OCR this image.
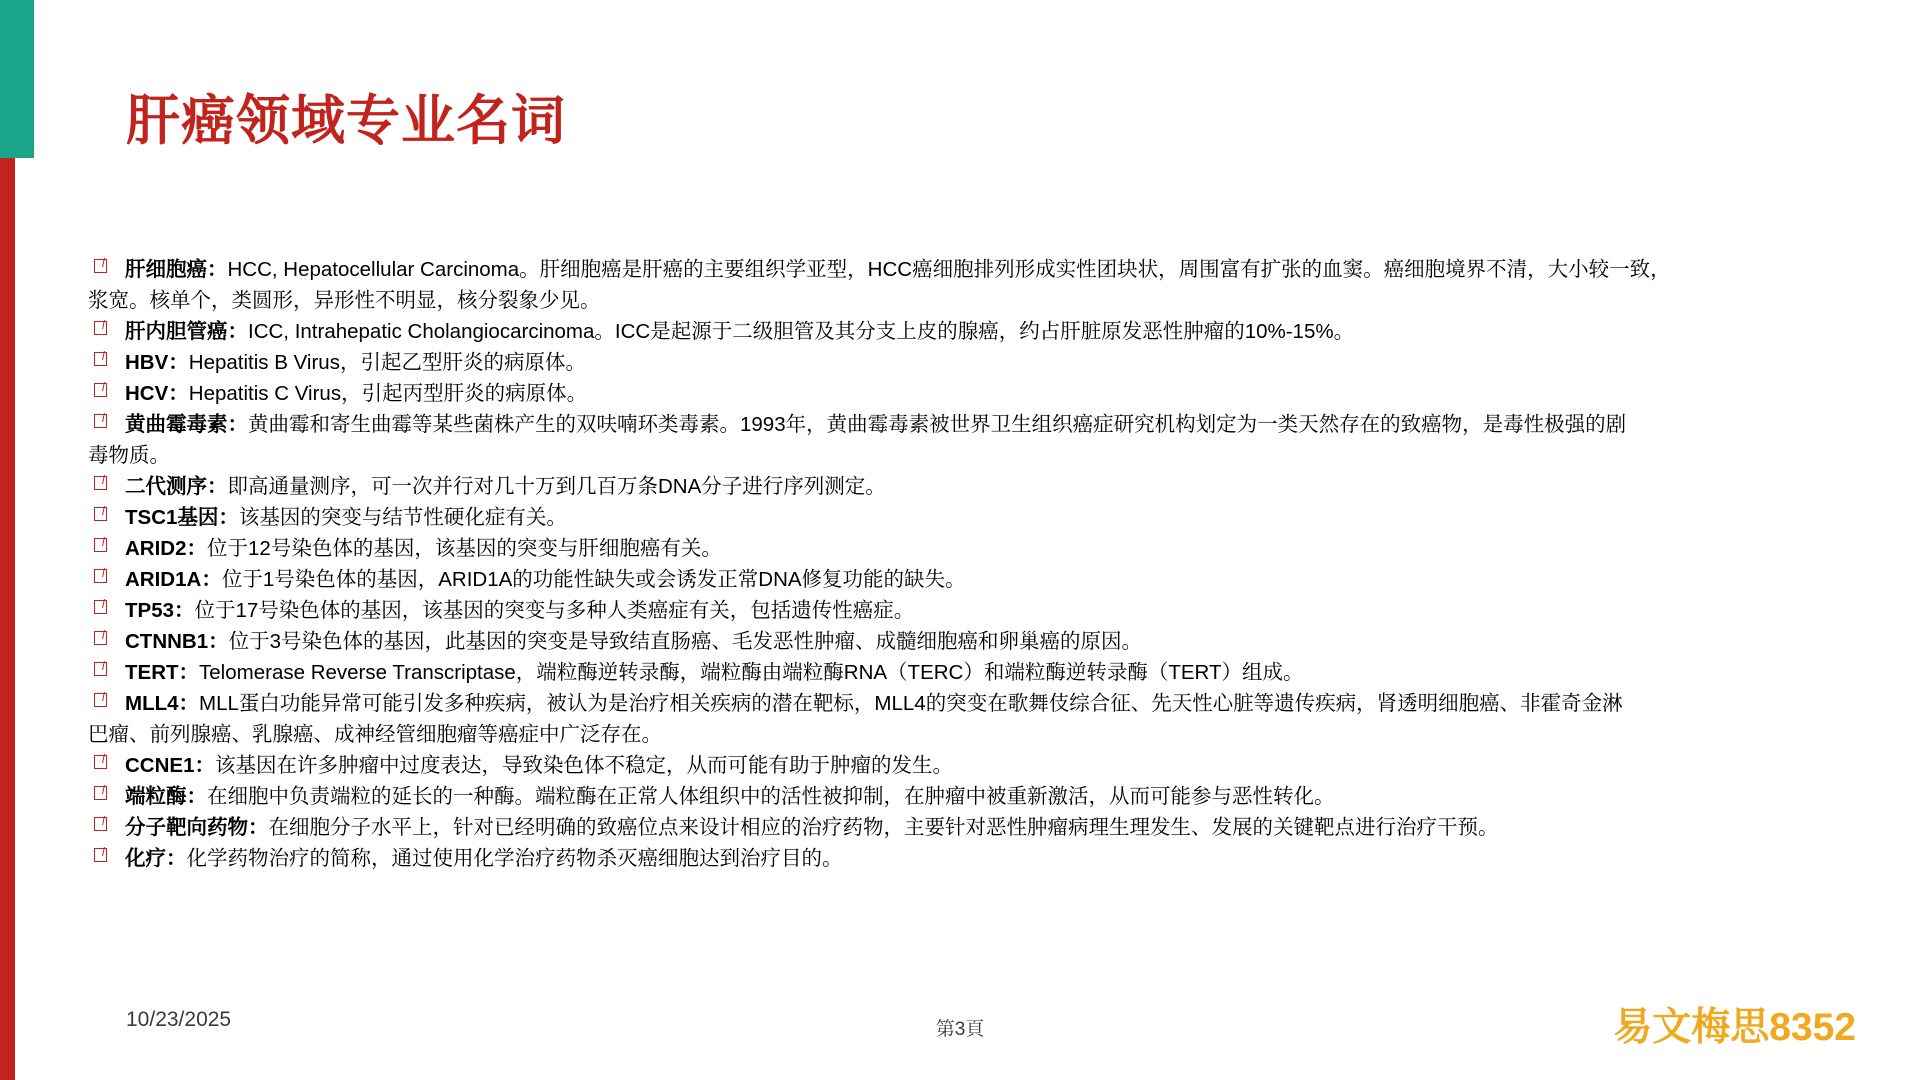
肝癌领域专业名词
肝细胞癌：HCC, Hepatocellular Carcinoma。肝细胞癌是肝癌的主要组织学亚型，HCC癌细胞排列形成实性团块状，周围富有扩张的血窦。癌细胞境界不清，大小较一致，
浆宽。核单个，类圆形，异形性不明显，核分裂象少见。
肝内胆管癌：ICC, Intrahepatic Cholangiocarcinoma。ICC是起源于二级胆管及其分支上皮的腺癌，约占肝脏原发恶性肿瘤的10%-15%。
HBV：Hepatitis B Virus，引起乙型肝炎的病原体。
HCV：Hepatitis C Virus，引起丙型肝炎的病原体。
黄曲霉毒素：黄曲霉和寄生曲霉等某些菌株产生的双呋喃环类毒素。1993年，黄曲霉毒素被世界卫生组织癌症研究机构划定为一类天然存在的致癌物，是毒性极强的剧
毒物质。
二代测序：即高通量测序，可一次并行对几十万到几百万条DNA分子进行序列测定。
TSC1基因：该基因的突变与结节性硬化症有关。
ARID2：位于12号染色体的基因，该基因的突变与肝细胞癌有关。
ARID1A：位于1号染色体的基因，ARID1A的功能性缺失或会诱发正常DNA修复功能的缺失。
TP53：位于17号染色体的基因，该基因的突变与多种人类癌症有关，包括遗传性癌症。
CTNNB1：位于3号染色体的基因，此基因的突变是导致结直肠癌、毛发恶性肿瘤、成髓细胞癌和卵巢癌的原因。
TERT：Telomerase Reverse Transcriptase，端粒酶逆转录酶，端粒酶由端粒酶RNA（TERC）和端粒酶逆转录酶（TERT）组成。
MLL4：MLL蛋白功能异常可能引发多种疾病，被认为是治疗相关疾病的潜在靶标，MLL4的突变在歌舞伎综合征、先天性心脏等遗传疾病，肾透明细胞癌、非霍奇金淋
巴瘤、前列腺癌、乳腺癌、成神经管细胞瘤等癌症中广泛存在。
CCNE1：该基因在许多肿瘤中过度表达，导致染色体不稳定，从而可能有助于肿瘤的发生。
端粒酶：在细胞中负责端粒的延长的一种酶。端粒酶在正常人体组织中的活性被抑制，在肿瘤中被重新激活，从而可能参与恶性转化。
分子靶向药物：在细胞分子水平上，针对已经明确的致癌位点来设计相应的治疗药物，主要针对恶性肿瘤病理生理发生、发展的关键靶点进行治疗干预。
化疗：化学药物治疗的简称，通过使用化学治疗药物杀灭癌细胞达到治疗目的。
10/23/2025	第3頁	易文梅思8352
